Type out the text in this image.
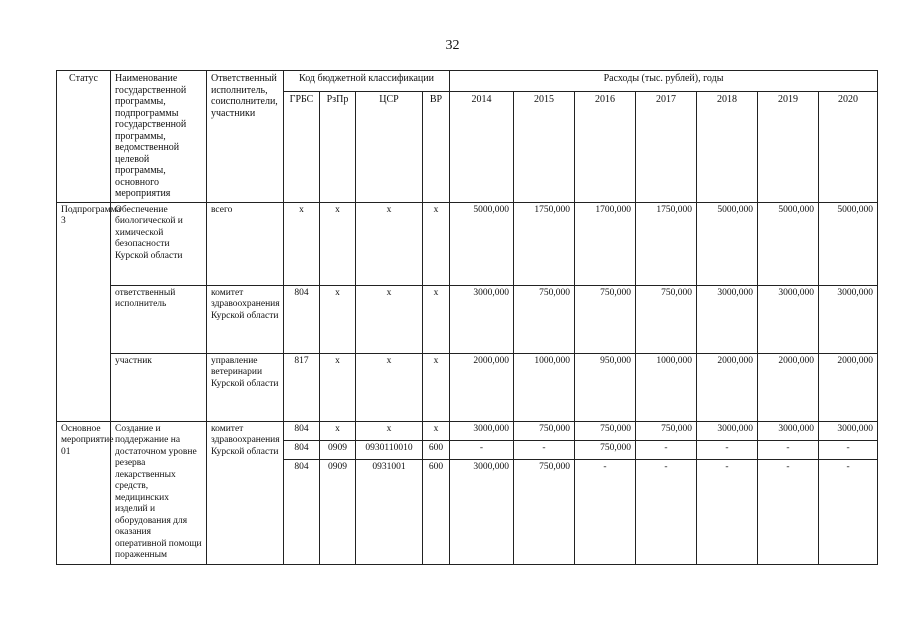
32
Статус	Наименование государственной программы, подпрограммы государственной программы, ведомственной целевой программы, основного мероприятия	Ответственный исполнитель, соисполнители, участники	Код бюджетной классификации				Расходы (тыс. рублей), годы						
			ГРБС	РзПр	ЦСР	ВР	2014	2015	2016	2017	2018	2019	2020
Подпрограмма 3	Обеспечение биологической и химической безопасности Курской области	всего	х	х	х	х	5000,000	1750,000	1700,000	1750,000	5000,000	5000,000	5000,000
	ответственный исполнитель	комитет здравоохранения Курской области	804	х	х	х	3000,000	750,000	750,000	750,000	3000,000	3000,000	3000,000
	участник	управление ветеринарии Курской области	817	х	х	х	2000,000	1000,000	950,000	1000,000	2000,000	2000,000	2000,000
Основное мероприятие 01	Создание и поддержание на достаточном уровне резерва лекарственных средств, медицинских изделий и оборудования для оказания оперативной помощи пораженным	комитет здравоохранения Курской области	804	х	х	х	3000,000	750,000	750,000	750,000	3000,000	3000,000	3000,000
			804	0909	0930110010	600	-	-	750,000	-	-	-	-
			804	0909	0931001	600	3000,000	750,000	-	-	-	-	-
